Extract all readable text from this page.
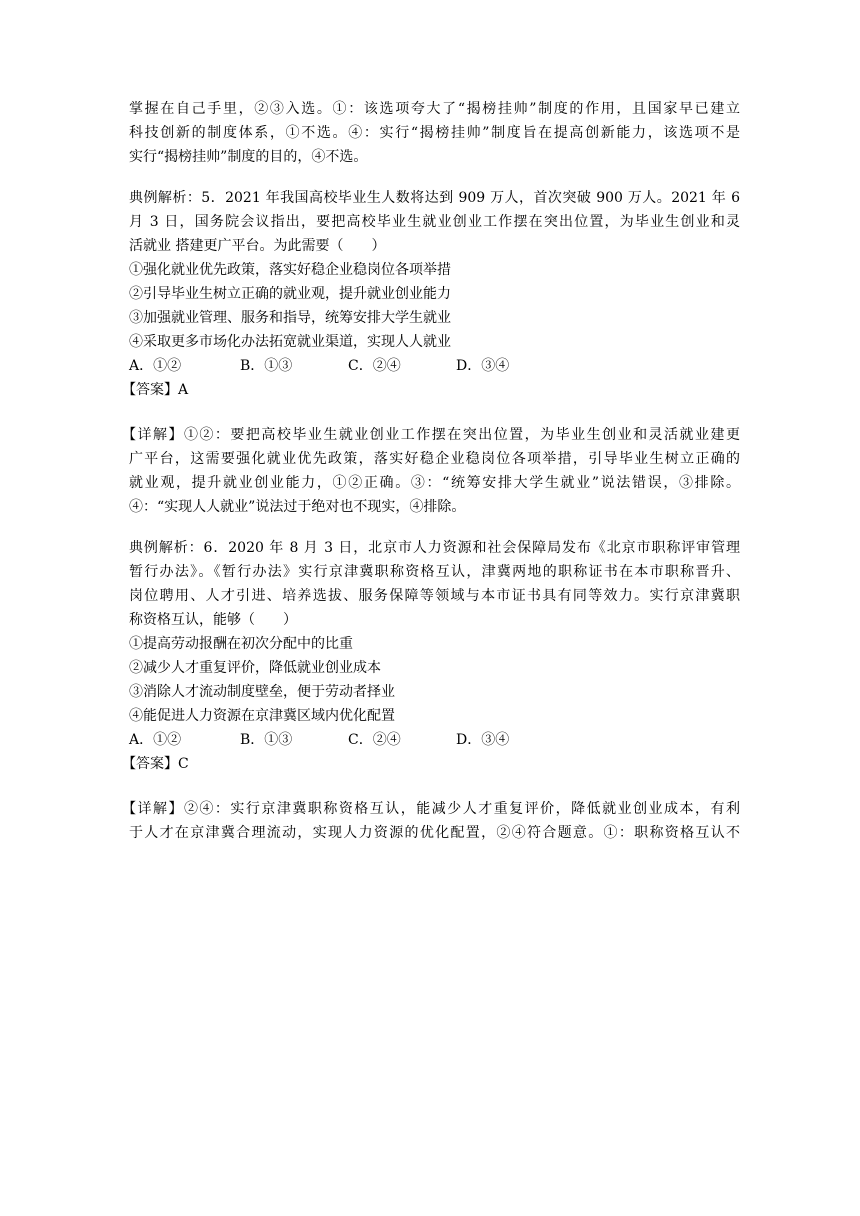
掌握在自己手里，②③入选。①：该选项夸大了“揭榜挂帅”制度的作用，且国家早已建立
科技创新的制度体系，①不选。④：实行“揭榜挂帅”制度旨在提高创新能力，该选项不是
实行“揭榜挂帅”制度的目的，④不选。
典例解析：5．2021 年我国高校毕业生人数将达到 909 万人，首次突破 900 万人。2021 年 6
月 3 日，国务院会议指出，要把高校毕业生就业创业工作摆在突出位置，为毕业生创业和灵
活就业 搭建更广平台。为此需要（　　）

①强化就业优先政策，落实好稳企业稳岗位各项举措

②引导毕业生树立正确的就业观，提升就业创业能力

③加强就业管理、服务和指导，统筹安排大学生就业

④采取更多市场化办法拓宽就业渠道，实现人人就业

A．①②	B．①③	C．②④	D．③④

【答案】A

【详解】①②：要把高校毕业生就业创业工作摆在突出位置，为毕业生创业和灵活就业建更
广平台，这需要强化就业优先政策，落实好稳企业稳岗位各项举措，引导毕业生树立正确的
就业观，提升就业创业能力，①②正确。③：“统筹安排大学生就业”说法错误，③排除。
④：“实现人人就业”说法过于绝对也不现实，④排除。
典例解析：6．2020 年 8 月 3 日，北京市人力资源和社会保障局发布《北京市职称评审管理
暂行办法》。《暂行办法》实行京津冀职称资格互认，津冀两地的职称证书在本市职称晋升、
岗位聘用、人才引进、培养选拔、服务保障等领域与本市证书具有同等效力。实行京津冀职
称资格互认，能够（　　）

①提高劳动报酬在初次分配中的比重

②减少人才重复评价，降低就业创业成本

③消除人才流动制度壁垒，便于劳动者择业

④能促进人力资源在京津冀区域内优化配置

A．①②	B．①③	C．②④	D．③④

【答案】C

【详解】②④：实行京津冀职称资格互认，能减少人才重复评价，降低就业创业成本，有利
于人才在京津冀合理流动，实现人力资源的优化配置，②④符合题意。①：职称资格互认不
